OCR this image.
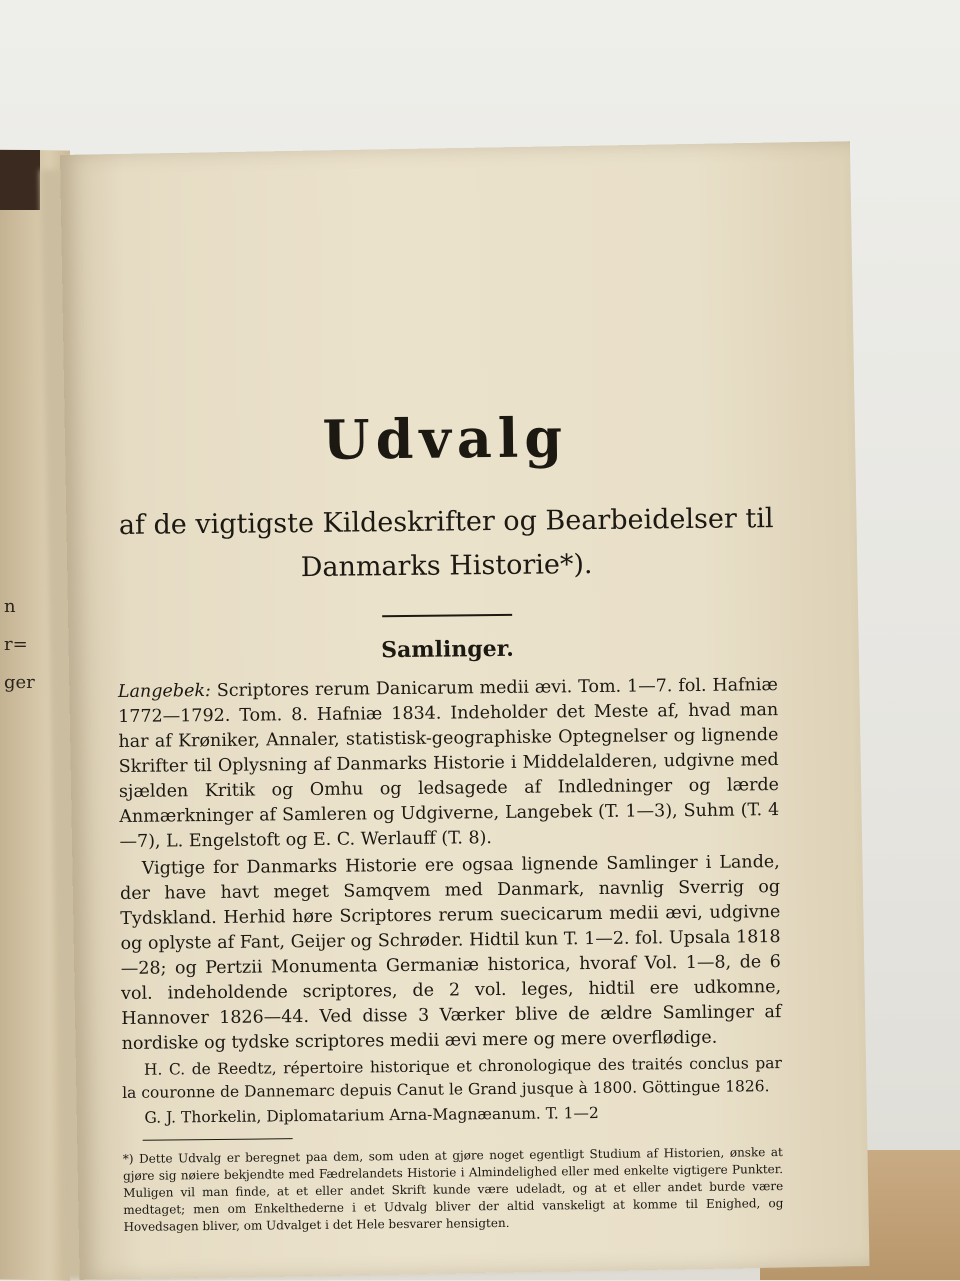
n
r=
ger
Udvalg

af de vigtigste Kildeskrifter og Bearbeidelser til Danmarks Historie*).

Samlinger.

Langebek: Scriptores rerum Danicarum medii ævi. Tom. 1—7. fol. Hafniæ 1772—1792. Tom. 8. Hafniæ 1834. Indeholder det Meste af, hvad man har af Krøniker, Annaler, statistisk-geographiske Optegnelser og lignende Skrifter til Oplysning af Danmarks Historie i Middelalderen, udgivne med sjælden Kritik og Omhu og ledsagede af Indledninger og lærde Anmærkninger af Samleren og Udgiverne, Langebek (T. 1—3), Suhm (T. 4—7), L. Engelstoft og E. C. Werlauff (T. 8).

Vigtige for Danmarks Historie ere ogsaa lignende Samlinger i Lande, der have havt meget Samqvem med Danmark, navnlig Sverrig og Tydskland. Herhid høre Scriptores rerum suecicarum medii ævi, udgivne og oplyste af Fant, Geijer og Schrøder. Hidtil kun T. 1—2. fol. Upsala 1818—28; og Pertzii Monumenta Germaniæ historica, hvoraf Vol. 1—8, de 6 vol. indeholdende scriptores, de 2 vol. leges, hidtil ere udkomne, Hannover 1826—44. Ved disse 3 Værker blive de ældre Samlinger af nordiske og tydske scriptores medii ævi mere og mere overflødige.

H. C. de Reedtz, répertoire historique et chronologique des traités conclus par la couronne de Dannemarc depuis Canut le Grand jusque à 1800. Göttingue 1826.

G. J. Thorkelin, Diplomatarium Arna-Magnæanum. T. 1—2

*) Dette Udvalg er beregnet paa dem, som uden at gjøre noget egentligt Studium af Historien, ønske at gjøre sig nøiere bekjendte med Fædrelandets Historie i Almindelighed eller med enkelte vigtigere Punkter. Muligen vil man finde, at et eller andet Skrift kunde være udeladt, og at et eller andet burde være medtaget; men om Enkelthederne i et Udvalg bliver der altid vanskeligt at komme til Enighed, og Hovedsagen bliver, om Udvalget i det Hele besvarer hensigten.
